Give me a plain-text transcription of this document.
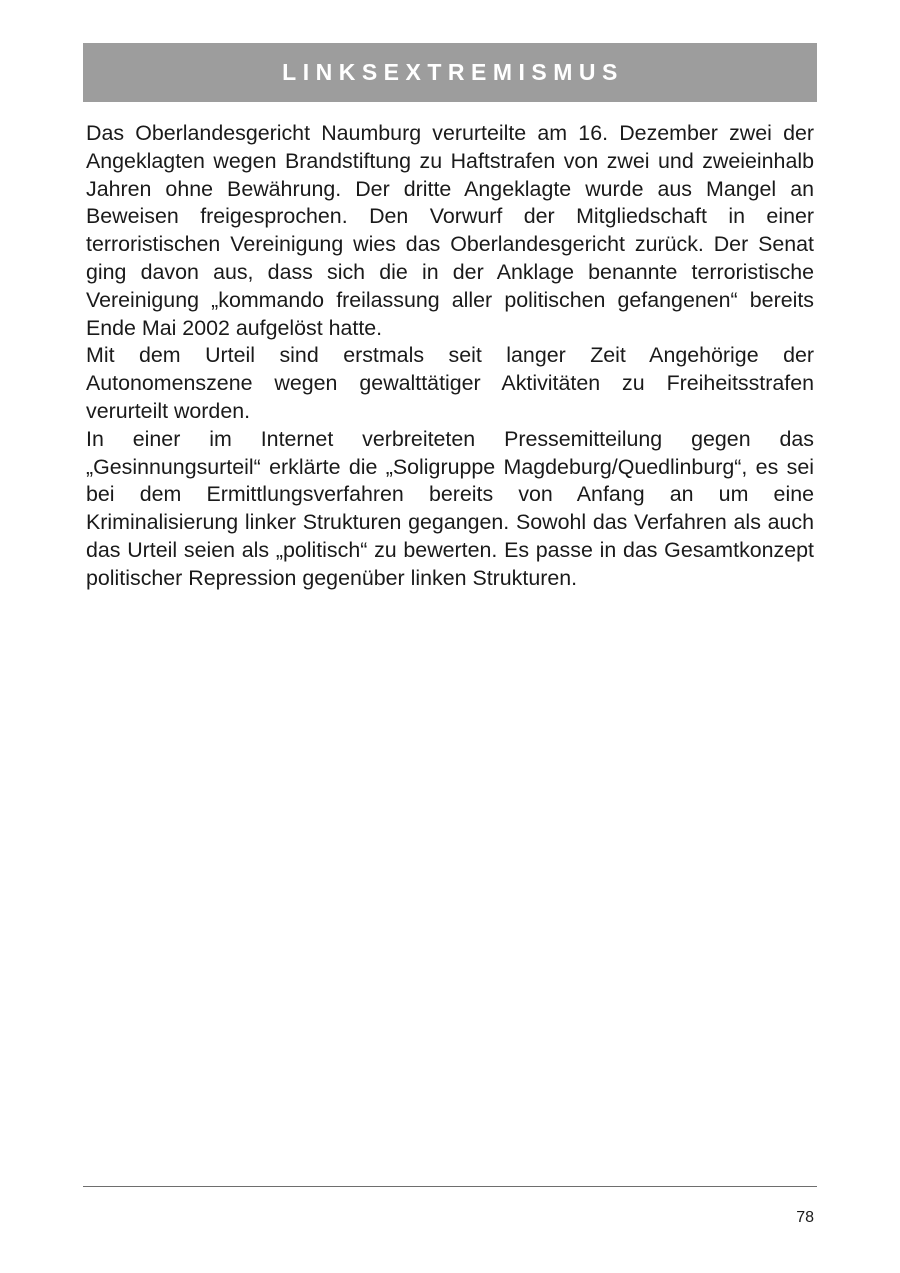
LINKSEXTREMISMUS

Das Oberlandesgericht Naumburg verurteilte am 16. Dezember zwei der Angeklagten wegen Brandstiftung zu Haftstrafen von zwei und zweieinhalb Jahren ohne Bewährung. Der dritte Angeklagte wurde aus Mangel an Beweisen freigesprochen. Den Vorwurf der Mitgliedschaft in einer terroristischen Vereinigung wies das Oberlandesgericht zurück. Der Senat ging davon aus, dass sich die in der Anklage benannte terroristische Vereinigung „kommando freilassung aller politischen gefangenen“ bereits Ende Mai 2002 aufgelöst hatte.

Mit dem Urteil sind erstmals seit langer Zeit Angehörige der Autonomenszene wegen gewalttätiger Aktivitäten zu Freiheitsstrafen verurteilt worden.

In einer im Internet verbreiteten Pressemitteilung gegen das „Gesinnungsurteil“ erklärte die „Soligruppe Magdeburg/Quedlinburg“, es sei bei dem Ermittlungsverfahren bereits von Anfang an um eine Kriminalisierung linker Strukturen gegangen. Sowohl das Verfahren als auch das Urteil seien als „politisch“ zu bewerten. Es passe in das Gesamtkonzept politischer Repression gegenüber linken Strukturen.

78
